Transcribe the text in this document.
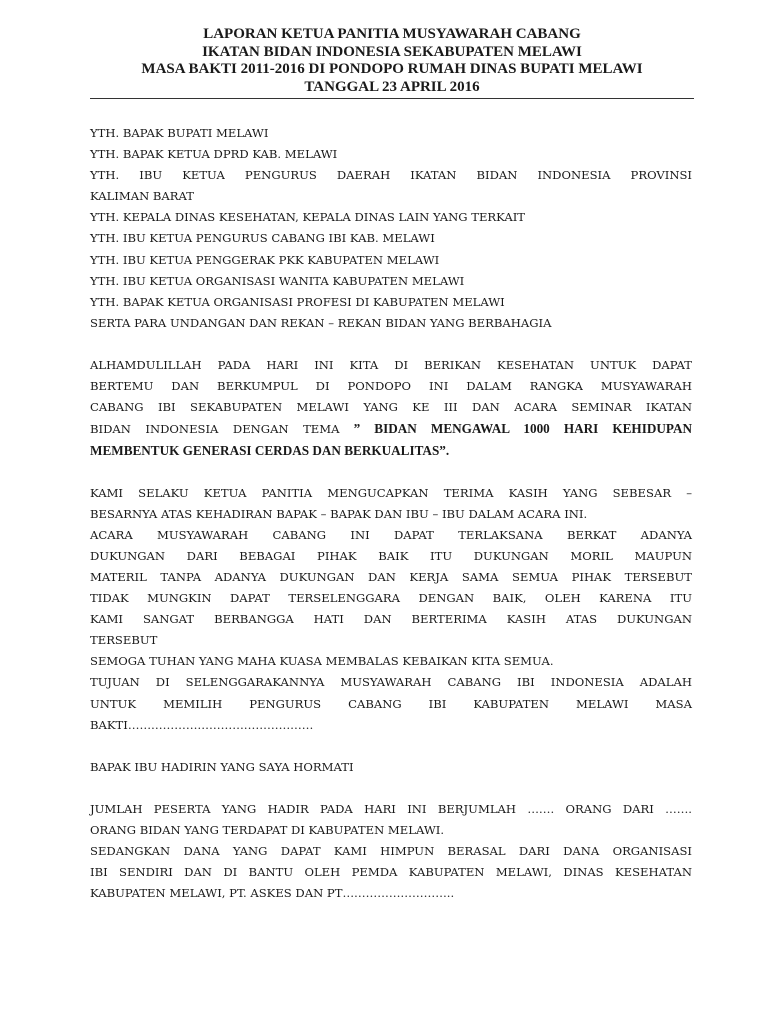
LAPORAN KETUA PANITIA MUSYAWARAH CABANG
IKATAN BIDAN INDONESIA SEKABUPATEN MELAWI
MASA BAKTI 2011-2016 DI PONDOPO RUMAH DINAS BUPATI MELAWI
TANGGAL 23 APRIL 2016
YTH. BAPAK BUPATI MELAWI
YTH. BAPAK KETUA DPRD KAB. MELAWI
YTH. IBU KETUA PENGURUS DAERAH IKATAN BIDAN INDONESIA PROVINSI
KALIMAN BARAT
YTH. KEPALA DINAS KESEHATAN, KEPALA DINAS LAIN YANG TERKAIT
YTH. IBU KETUA PENGURUS CABANG IBI KAB. MELAWI
YTH. IBU KETUA PENGGERAK PKK KABUPATEN MELAWI
YTH. IBU KETUA ORGANISASI WANITA KABUPATEN MELAWI
YTH. BAPAK KETUA ORGANISASI PROFESI DI KABUPATEN MELAWI
SERTA PARA UNDANGAN DAN REKAN – REKAN BIDAN YANG BERBAHAGIA
ALHAMDULILLAH PADA HARI INI KITA DI BERIKAN KESEHATAN UNTUK DAPAT
BERTEMU DAN BERKUMPUL DI PONDOPO INI DALAM RANGKA MUSYAWARAH
CABANG IBI SEKABUPATEN MELAWI YANG KE III DAN ACARA SEMINAR IKATAN
BIDAN INDONESIA DENGAN TEMA ” BIDAN MENGAWAL 1000 HARI KEHIDUPAN
MEMBENTUK GENERASI CERDAS DAN BERKUALITAS”.
KAMI SELAKU KETUA PANITIA MENGUCAPKAN TERIMA KASIH YANG SEBESAR –
BESARNYA ATAS KEHADIRAN BAPAK – BAPAK DAN IBU – IBU DALAM ACARA INI.
ACARA MUSYAWARAH CABANG INI DAPAT TERLAKSANA BERKAT ADANYA
DUKUNGAN DARI BEBAGAI PIHAK BAIK ITU DUKUNGAN MORIL MAUPUN
MATERIL TANPA ADANYA DUKUNGAN DAN KERJA SAMA SEMUA PIHAK TERSEBUT
TIDAK MUNGKIN DAPAT TERSELENGGARA DENGAN BAIK, OLEH KARENA ITU
KAMI SANGAT BERBANGGA HATI DAN BERTERIMA KASIH ATAS DUKUNGAN
TERSEBUT
SEMOGA TUHAN YANG MAHA KUASA MEMBALAS KEBAIKAN KITA SEMUA.
TUJUAN DI SELENGGARAKANNYA MUSYAWARAH CABANG IBI INDONESIA ADALAH
UNTUK MEMILIH PENGURUS CABANG IBI KABUPATEN MELAWI MASA
BAKTI…………………………………………
BAPAK IBU HADIRIN YANG SAYA HORMATI
JUMLAH PESERTA YANG HADIR PADA HARI INI BERJUMLAH ……. ORANG DARI …….
ORANG BIDAN YANG TERDAPAT DI KABUPATEN MELAWI.
SEDANGKAN DANA YANG DAPAT KAMI HIMPUN BERASAL DARI DANA ORGANISASI
IBI SENDIRI DAN DI BANTU OLEH PEMDA KABUPATEN MELAWI, DINAS KESEHATAN
KABUPATEN MELAWI, PT. ASKES DAN PT………………………..
